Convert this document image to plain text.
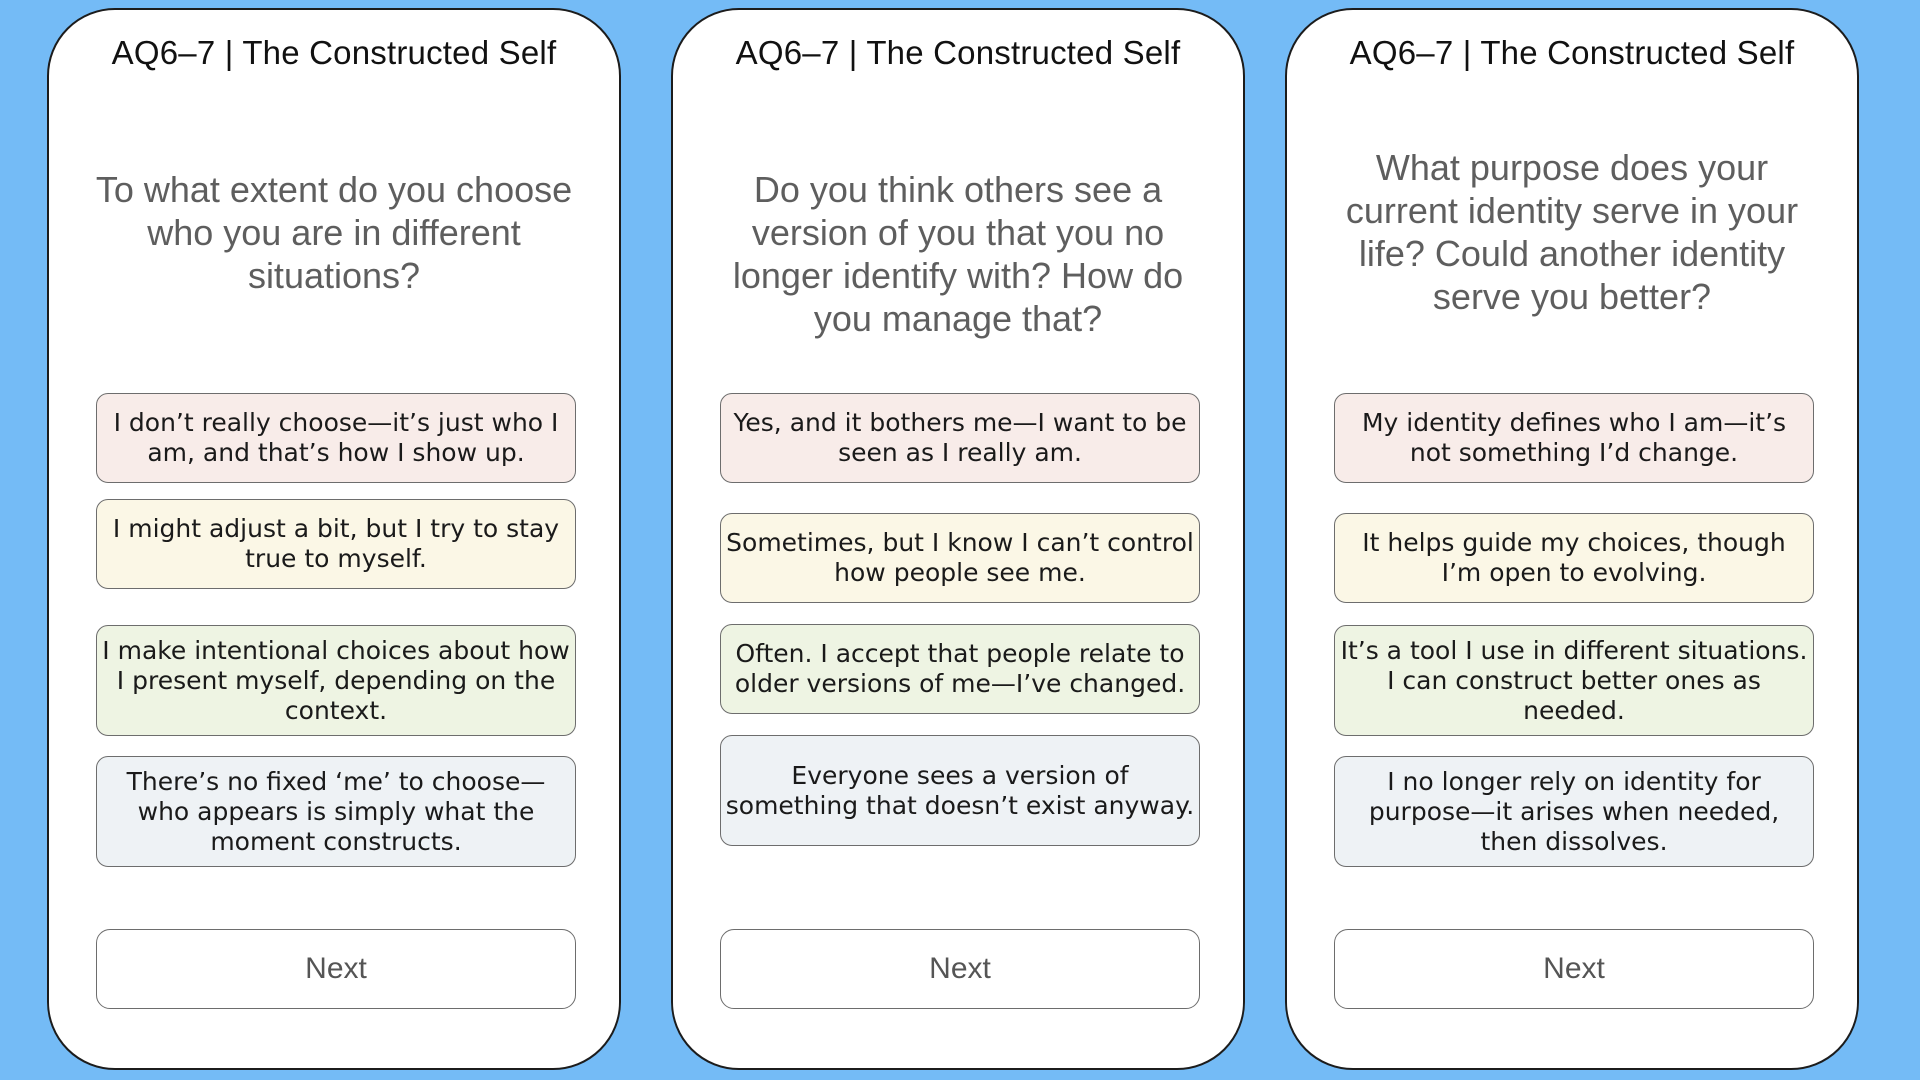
AQ6–7 | The Constructed Self
To what extent do you choose who you are in different situations?
I don’t really choose—it’s just who I am, and that’s how I show up.
I might adjust a bit, but I try to stay true to myself.
I make intentional choices about how I present myself, depending on the context.
There’s no fixed ‘me’ to choose—who appears is simply what the moment constructs.
Next
AQ6–7 | The Constructed Self
Do you think others see a version of you that you no longer identify with? How do you manage that?
Yes, and it bothers me—I want to be seen as I really am.
Sometimes, but I know I can’t control how people see me.
Often. I accept that people relate to older versions of me—I’ve changed.
Everyone sees a version of something that doesn’t exist anyway.
Next
AQ6–7 | The Constructed Self
What purpose does your current identity serve in your life? Could another identity serve you better?
My identity defines who I am—it’s not something I’d change.
It helps guide my choices, though I’m open to evolving.
It’s a tool I use in different situations. I can construct better ones as needed.
I no longer rely on identity for purpose—it arises when needed, then dissolves.
Next
